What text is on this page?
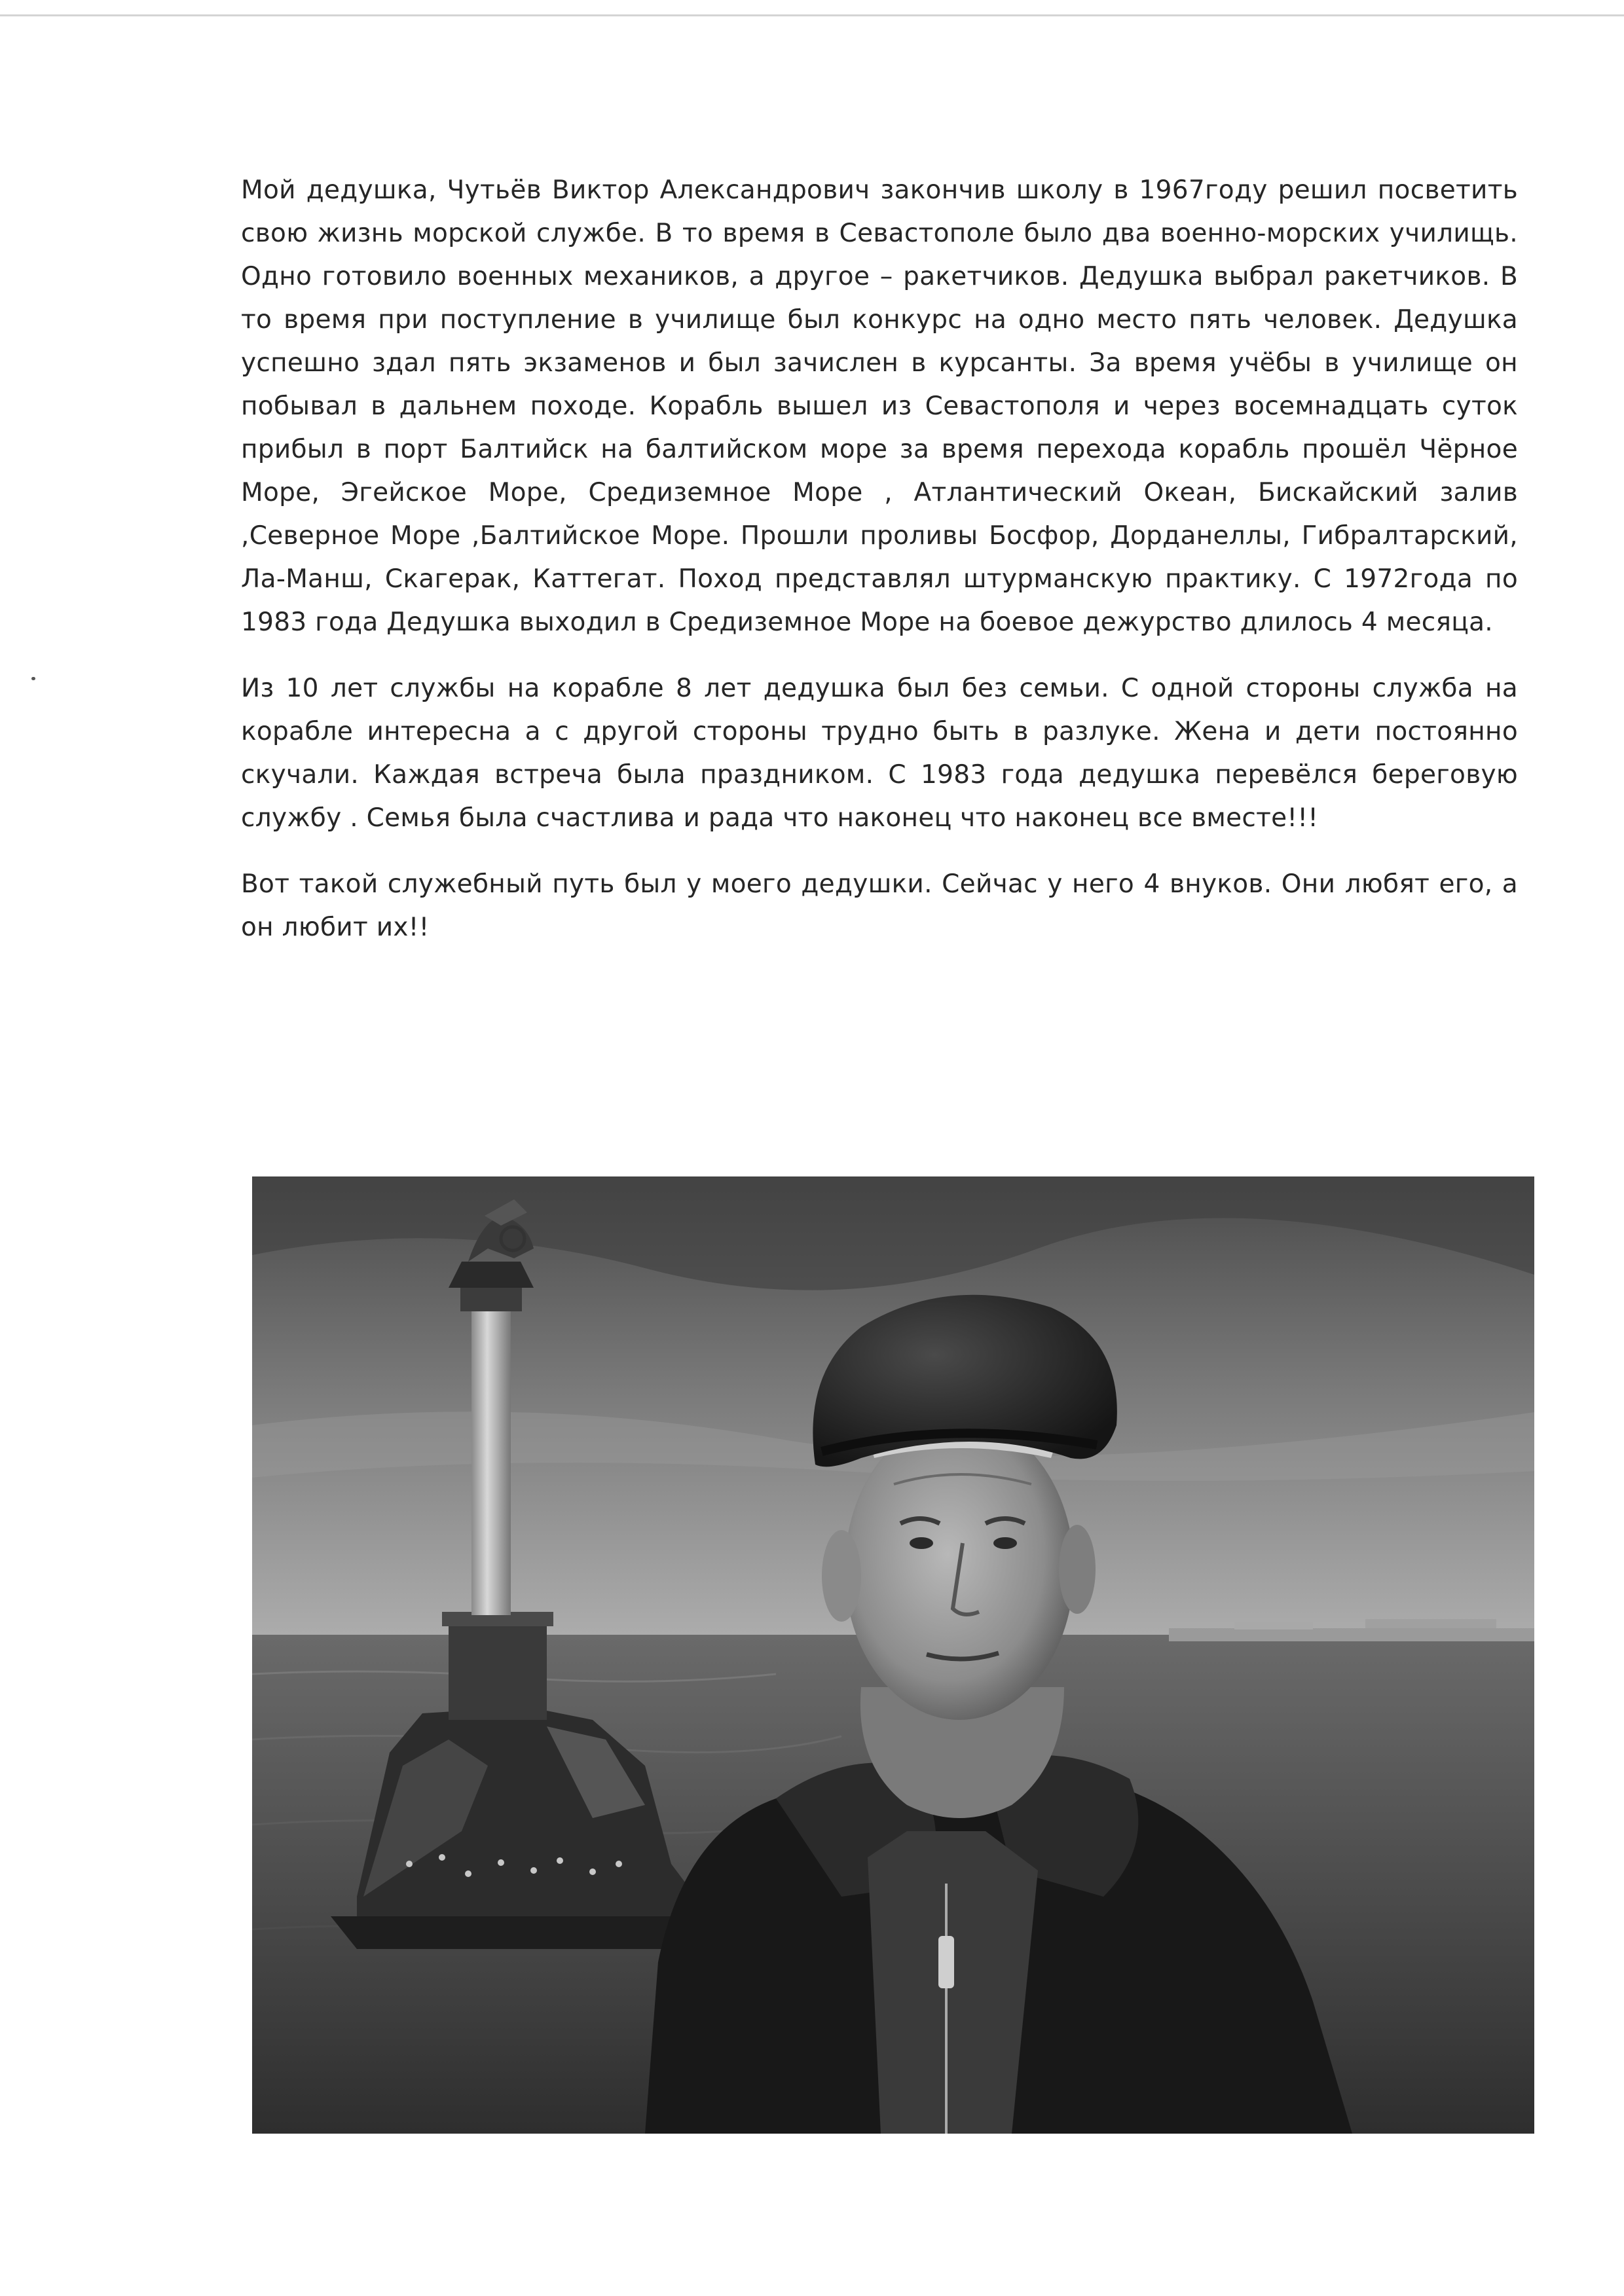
Мой дедушка, Чутьёв Виктор Александрович закончив школу в 1967году решил посветить свою жизнь морской службе. В то время в Севастополе было два военно-морских училищь. Одно готовило военных механиков, а другое – ракетчиков. Дедушка выбрал ракетчиков. В то время при поступление в училище был конкурс на одно место пять человек. Дедушка успешно здал пять экзаменов и был зачислен в курсанты. За время учёбы в училище он побывал в дальнем походе. Корабль вышел из Севастополя и через восемнадцать суток прибыл в порт Балтийск на балтийском море за время перехода корабль прошёл Чёрное Море, Эгейское Море, Средиземное Море , Атлантический Океан, Бискайский залив ,Северное Море ,Балтийское Море. Прошли проливы Босфор, Дорданеллы, Гибралтарский, Ла-Манш, Скагерак, Каттегат. Поход представлял штурманскую практику. С 1972года по 1983 года Дедушка выходил в Средиземное Море на боевое дежурство длилось 4 месяца.

Из 10 лет службы на корабле 8 лет дедушка был без семьи. С одной стороны служба на корабле интересна а с другой стороны трудно быть в разлуке. Жена и дети постоянно скучали. Каждая встреча была праздником. С 1983 года дедушка перевёлся береговую службу . Семья была счастлива и рада что наконец что наконец все вместе!!!

Вот такой служебный путь был у моего дедушки. Сейчас у него 4 внуков. Они любят его, а он любит их!!
